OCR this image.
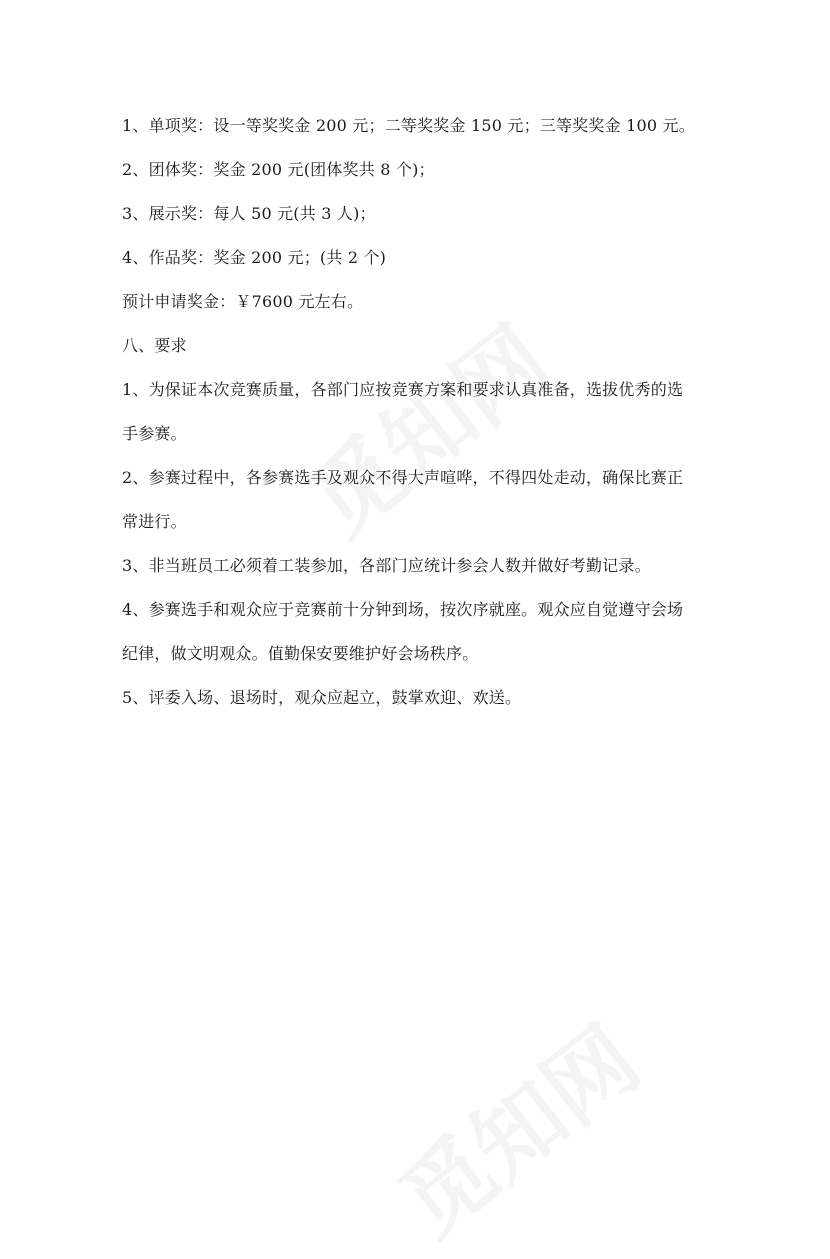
1、单项奖：设一等奖奖金 200 元；二等奖奖金 150 元；三等奖奖金 100 元。
2、团体奖：奖金 200 元(团体奖共 8 个)；
3、展示奖：每人 50 元(共 3 人)；
4、作品奖：奖金 200 元；(共 2 个)
预计申请奖金：￥7600 元左右。
八、要求
1、为保证本次竞赛质量，各部门应按竞赛方案和要求认真准备，选拔优秀的选
手参赛。
2、参赛过程中，各参赛选手及观众不得大声喧哗，不得四处走动，确保比赛正
常进行。
3、非当班员工必须着工装参加，各部门应统计参会人数并做好考勤记录。
4、参赛选手和观众应于竞赛前十分钟到场，按次序就座。观众应自觉遵守会场
纪律，做文明观众。值勤保安要维护好会场秩序。
5、评委入场、退场时，观众应起立，鼓掌欢迎、欢送。
